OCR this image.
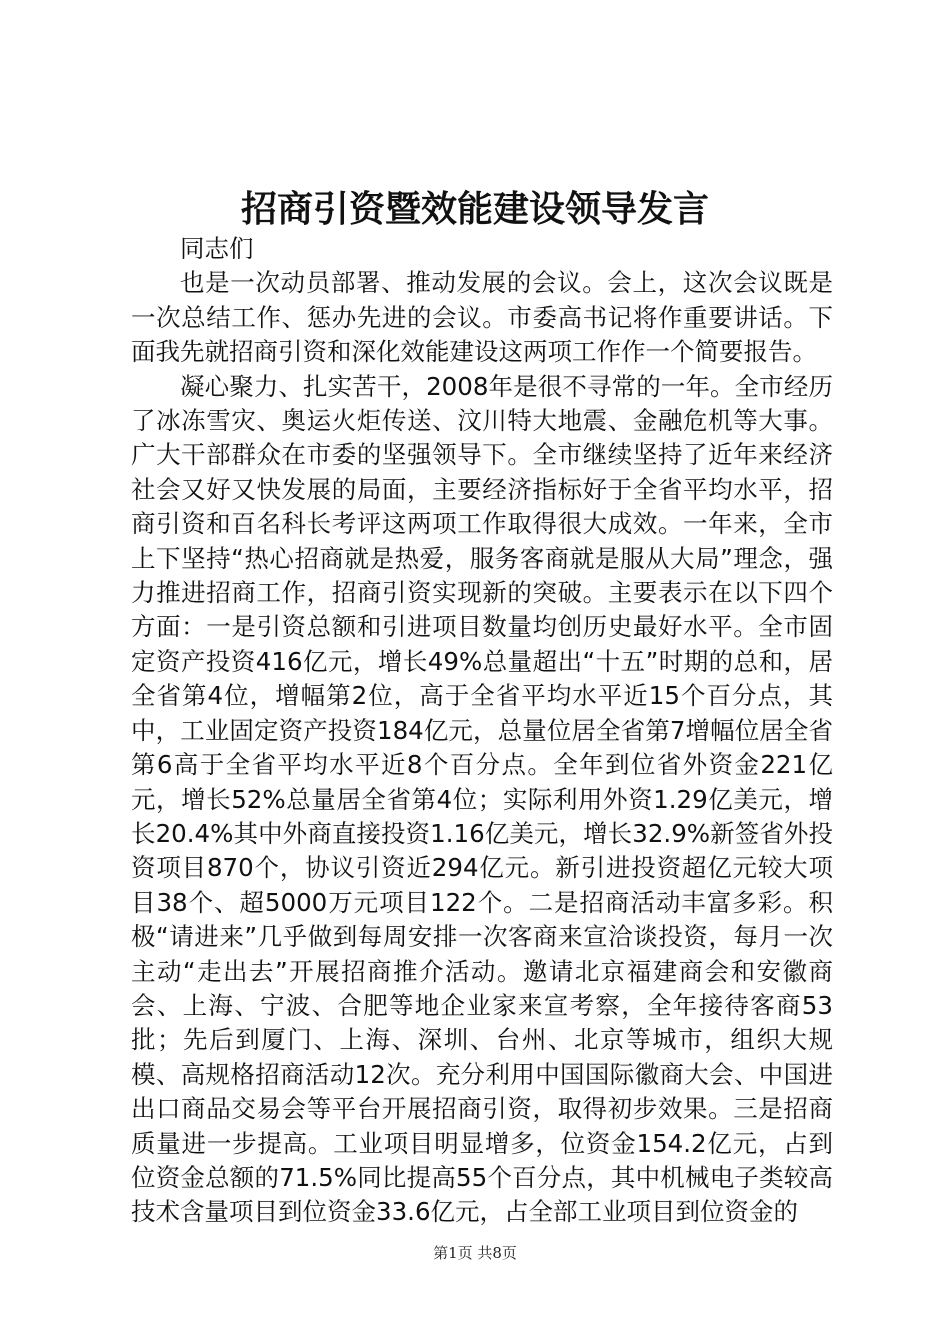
招商引资暨效能建设领导发言

同志们

也是一次动员部署、推动发展的会议。会上，这次会议既是一次总结工作、惩办先进的会议。市委高书记将作重要讲话。下面我先就招商引资和深化效能建设这两项工作作一个简要报告。

凝心聚力、扎实苦干，2008年是很不寻常的一年。全市经历了冰冻雪灾、奥运火炬传送、汶川特大地震、金融危机等大事。广大干部群众在市委的坚强领导下。全市继续坚持了近年来经济社会又好又快发展的局面，主要经济指标好于全省平均水平，招商引资和百名科长考评这两项工作取得很大成效。一年来，全市上下坚持“热心招商就是热爱，服务客商就是服从大局”理念，强力推进招商工作，招商引资实现新的突破。主要表示在以下四个方面：一是引资总额和引进项目数量均创历史最好水平。全市固定资产投资416亿元，增长49%总量超出“十五”时期的总和，居全省第4位，增幅第2位，高于全省平均水平近15个百分点，其中，工业固定资产投资184亿元，总量位居全省第7增幅位居全省第6高于全省平均水平近8个百分点。全年到位省外资金221亿元，增长52%总量居全省第4位；实际利用外资1.29亿美元，增长20.4%其中外商直接投资1.16亿美元，增长32.9%新签省外投资项目870个，协议引资近294亿元。新引进投资超亿元较大项目38个、超5000万元项目122个。二是招商活动丰富多彩。积极“请进来”几乎做到每周安排一次客商来宣洽谈投资，每月一次主动“走出去”开展招商推介活动。邀请北京福建商会和安徽商会、上海、宁波、合肥等地企业家来宣考察，全年接待客商53批；先后到厦门、上海、深圳、台州、北京等城市，组织大规模、高规格招商活动12次。充分利用中国国际徽商大会、中国进出口商品交易会等平台开展招商引资，取得初步效果。三是招商质量进一步提高。工业项目明显增多，位资金154.2亿元，占到位资金总额的71.5%同比提高55个百分点，其中机械电子类较高技术含量项目到位资金33.6亿元，占全部工业项目到位资金的

第1页 共8页
